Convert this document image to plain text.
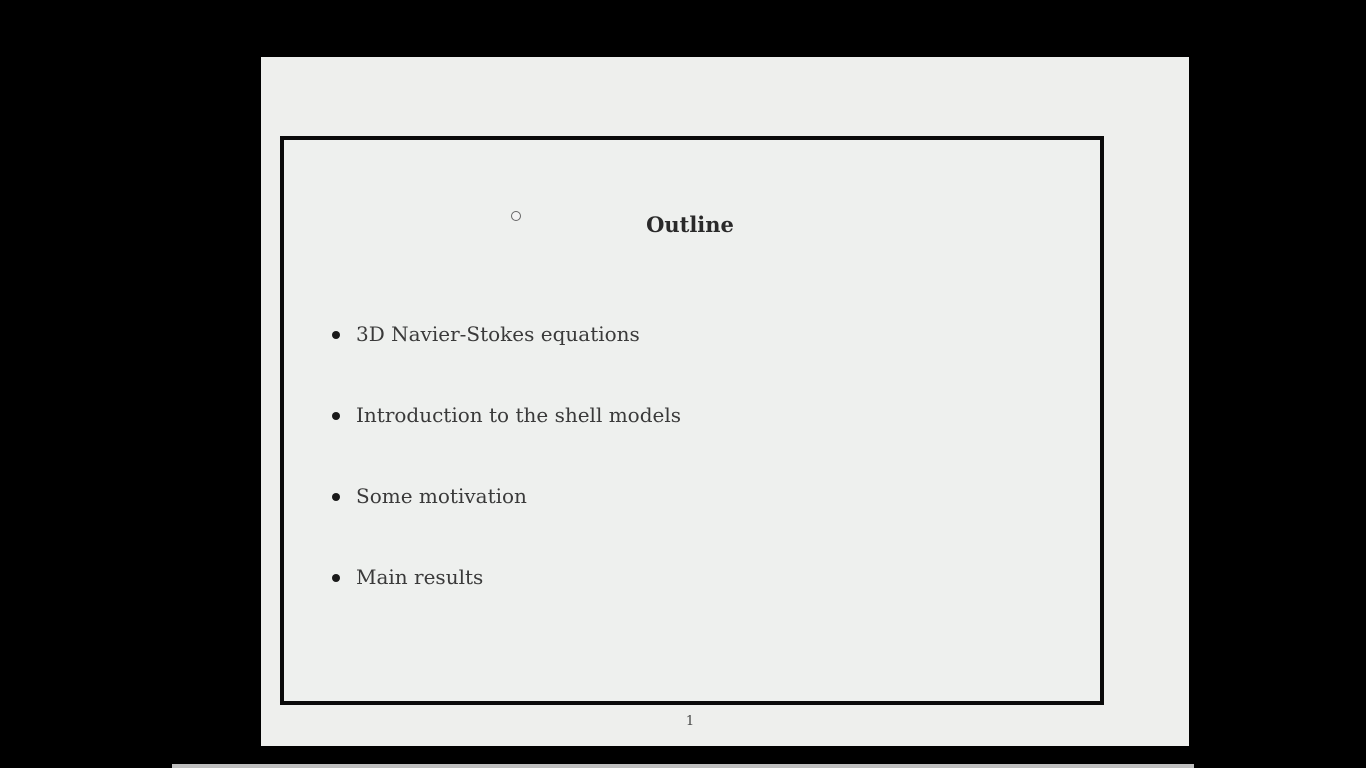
Outline
3D Navier-Stokes equations
Introduction to the shell models
Some motivation
Main results
1
